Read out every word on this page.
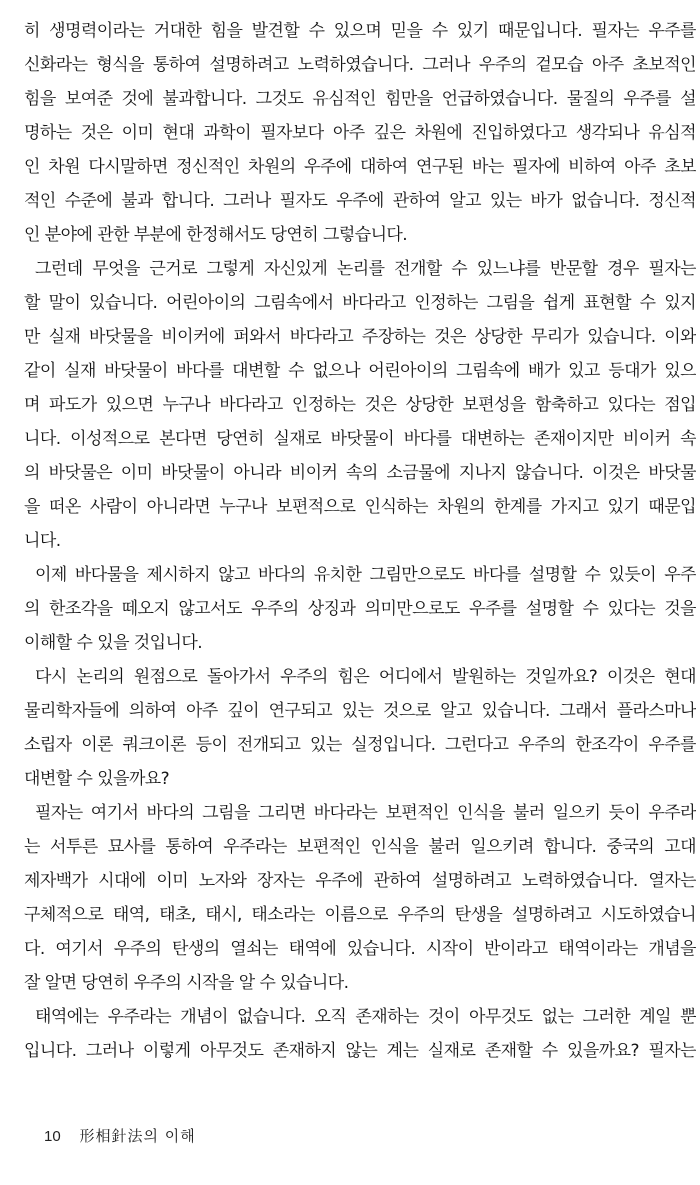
히 생명력이라는 거대한 힘을 발견할 수 있으며 믿을 수 있기 때문입니다. 필자는 우주를
신화라는 형식을 통하여 설명하려고 노력하였습니다. 그러나 우주의 겉모습 아주 초보적인
힘을 보여준 것에 불과합니다. 그것도 유심적인 힘만을 언급하였습니다. 물질의 우주를 설
명하는 것은 이미 현대 과학이 필자보다 아주 깊은 차원에 진입하였다고 생각되나 유심적
인 차원 다시말하면 정신적인 차원의 우주에 대하여 연구된 바는 필자에 비하여 아주 초보
적인 수준에 불과 합니다. 그러나 필자도 우주에 관하여 알고 있는 바가 없습니다. 정신적
인 분야에 관한 부분에 한정해서도 당연히 그렇습니다.
그런데 무엇을 근거로 그렇게 자신있게 논리를 전개할 수 있느냐를 반문할 경우 필자는
할 말이 있습니다. 어린아이의 그림속에서 바다라고 인정하는 그림을 쉽게 표현할 수 있지
만 실재 바닷물을 비이커에 퍼와서 바다라고 주장하는 것은 상당한 무리가 있습니다. 이와
같이 실재 바닷물이 바다를 대변할 수 없으나 어린아이의 그림속에 배가 있고 등대가 있으
며 파도가 있으면 누구나 바다라고 인정하는 것은 상당한 보편성을 함축하고 있다는 점입
니다. 이성적으로 본다면 당연히 실재로 바닷물이 바다를 대변하는 존재이지만 비이커 속
의 바닷물은 이미 바닷물이 아니라 비이커 속의 소금물에 지나지 않습니다. 이것은 바닷물
을 떠온 사람이 아니라면 누구나 보편적으로 인식하는 차원의 한계를 가지고 있기 때문입
니다.
이제 바다물을 제시하지 않고 바다의 유치한 그림만으로도 바다를 설명할 수 있듯이 우주
의 한조각을 떼오지 않고서도 우주의 상징과 의미만으로도 우주를 설명할 수 있다는 것을
이해할 수 있을 것입니다.
다시 논리의 원점으로 돌아가서 우주의 힘은 어디에서 발원하는 것일까요? 이것은 현대
물리학자들에 의하여 아주 깊이 연구되고 있는 것으로 알고 있습니다. 그래서 플라스마나
소립자 이론 쿼크이론 등이 전개되고 있는 실정입니다. 그런다고 우주의 한조각이 우주를
대변할 수 있을까요?
필자는 여기서 바다의 그림을 그리면 바다라는 보편적인 인식을 불러 일으키 듯이 우주라
는 서투른 묘사를 통하여 우주라는 보편적인 인식을 불러 일으키려 합니다. 중국의 고대
제자백가 시대에 이미 노자와 장자는 우주에 관하여 설명하려고 노력하였습니다. 열자는
구체적으로 태역, 태초, 태시, 태소라는 이름으로 우주의 탄생을 설명하려고 시도하였습니
다. 여기서 우주의 탄생의 열쇠는 태역에 있습니다. 시작이 반이라고 태역이라는 개념을
잘 알면 당연히 우주의 시작을 알 수 있습니다.
태역에는 우주라는 개념이 없습니다. 오직 존재하는 것이 아무것도 없는 그러한 계일 뿐
입니다. 그러나 이렇게 아무것도 존재하지 않는 계는 실재로 존재할 수 있을까요? 필자는
10 形相針法의 이해
